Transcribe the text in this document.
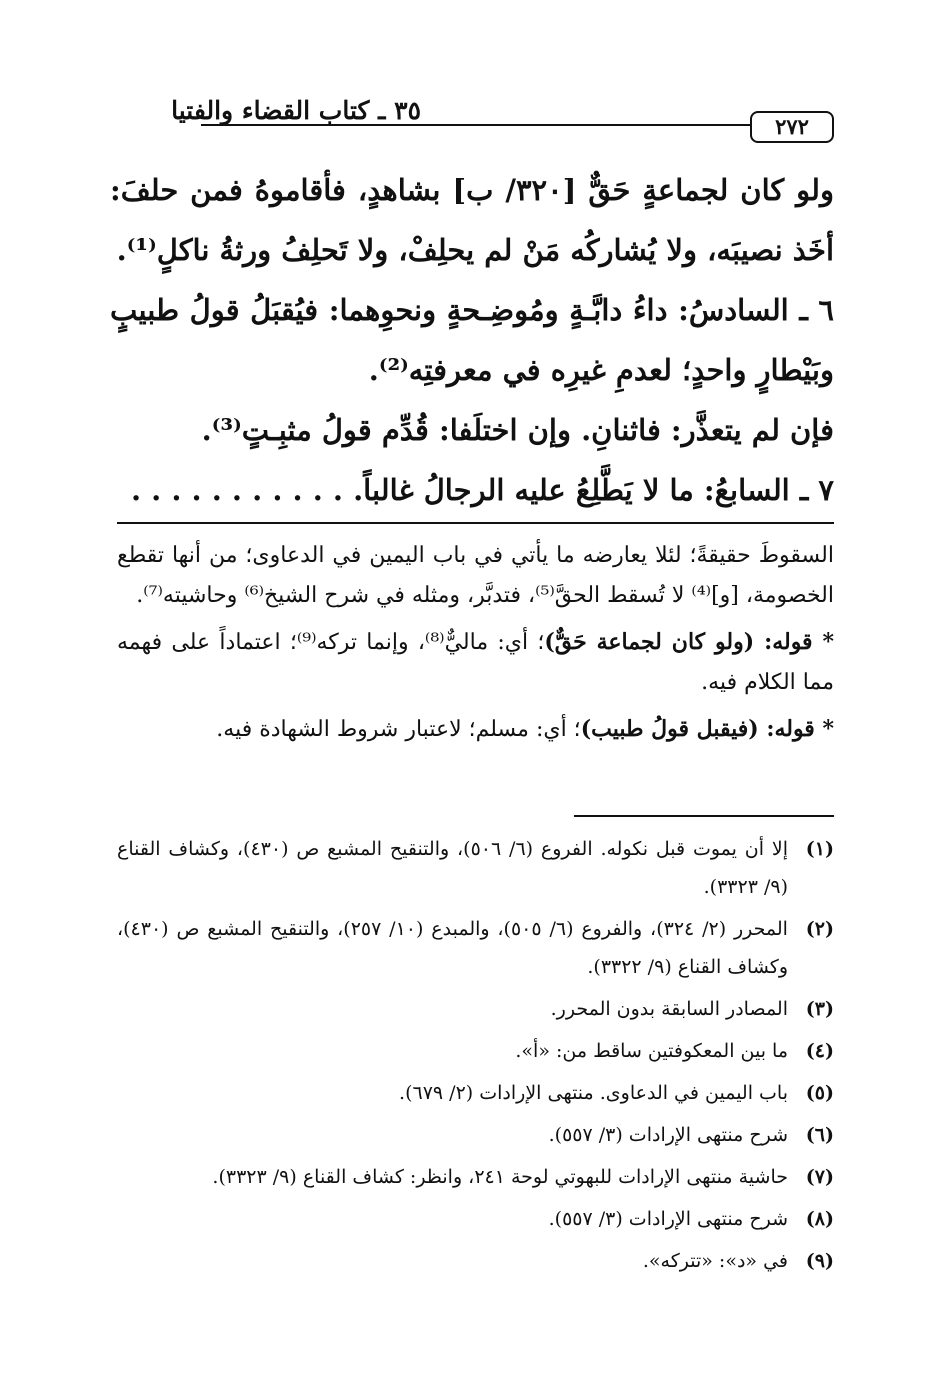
٣٥ ـ كتاب القضاء والفتيا
٢٧٢

ولو كان لجماعةٍ حَقٌّ [٣٢٠/ ب] بشاهدٍ، فأقاموهُ فمن حلفَ: أخَذ نصيبَه، ولا يُشاركُه مَنْ لم يحلِفْ، ولا تَحلِفُ ورثةُ ناكلٍ⁽¹⁾.

٦ ـ السادسُ: داءُ دابَّـةٍ ومُوضِـحةٍ ونحوِهما: فيُقبَلُ قولُ طبيبٍ وبَيْطارٍ واحدٍ؛ لعدمِ غيرِه في معرفتِه⁽²⁾.

فإن لم يتعذَّر: فاثنانِ. وإن اختلَفا: قُدِّم قولُ مثبِـتٍ⁽³⁾.

٧ ـ السابعُ: ما لا يَطَّلِعُ عليه الرجالُ غالباً. . . . . . . . . . . .

السقوطَ حقيقةً؛ لئلا يعارضه ما يأتي في باب اليمين في الدعاوى؛ من أنها تقطع الخصومة، [و]⁽⁴⁾ لا تُسقط الحقَّ⁽⁵⁾، فتدبَّر، ومثله في شرح الشيخ⁽⁶⁾ وحاشيته⁽⁷⁾.

* قوله: (ولو كان لجماعة حَقٌّ)؛ أي: ماليٌّ⁽⁸⁾، وإنما تركه⁽⁹⁾؛ اعتماداً على فهمه مما الكلام فيه.

* قوله: (فيقبل قولُ طبيب)؛ أي: مسلم؛ لاعتبار شروط الشهادة فيه.

(١)
إلا أن يموت قبل نكوله. الفروع (٦/ ٥٠٦)، والتنقيح المشبع ص (٤٣٠)، وكشاف القناع (٩/ ٣٣٢٣).
(٢)
المحرر (٢/ ٣٢٤)، والفروع (٦/ ٥٠٥)، والمبدع (١٠/ ٢٥٧)، والتنقيح المشبع ص (٤٣٠)، وكشاف القناع (٩/ ٣٣٢٢).
(٣)
المصادر السابقة بدون المحرر.
(٤)
ما بين المعكوفتين ساقط من: «أ».
(٥)
باب اليمين في الدعاوى. منتهى الإرادات (٢/ ٦٧٩).
(٦)
شرح منتهى الإرادات (٣/ ٥٥٧).
(٧)
حاشية منتهى الإرادات للبهوتي لوحة ٢٤١، وانظر: كشاف القناع (٩/ ٣٣٢٣).
(٨)
شرح منتهى الإرادات (٣/ ٥٥٧).
(٩)
في «د»: «تتركه».
